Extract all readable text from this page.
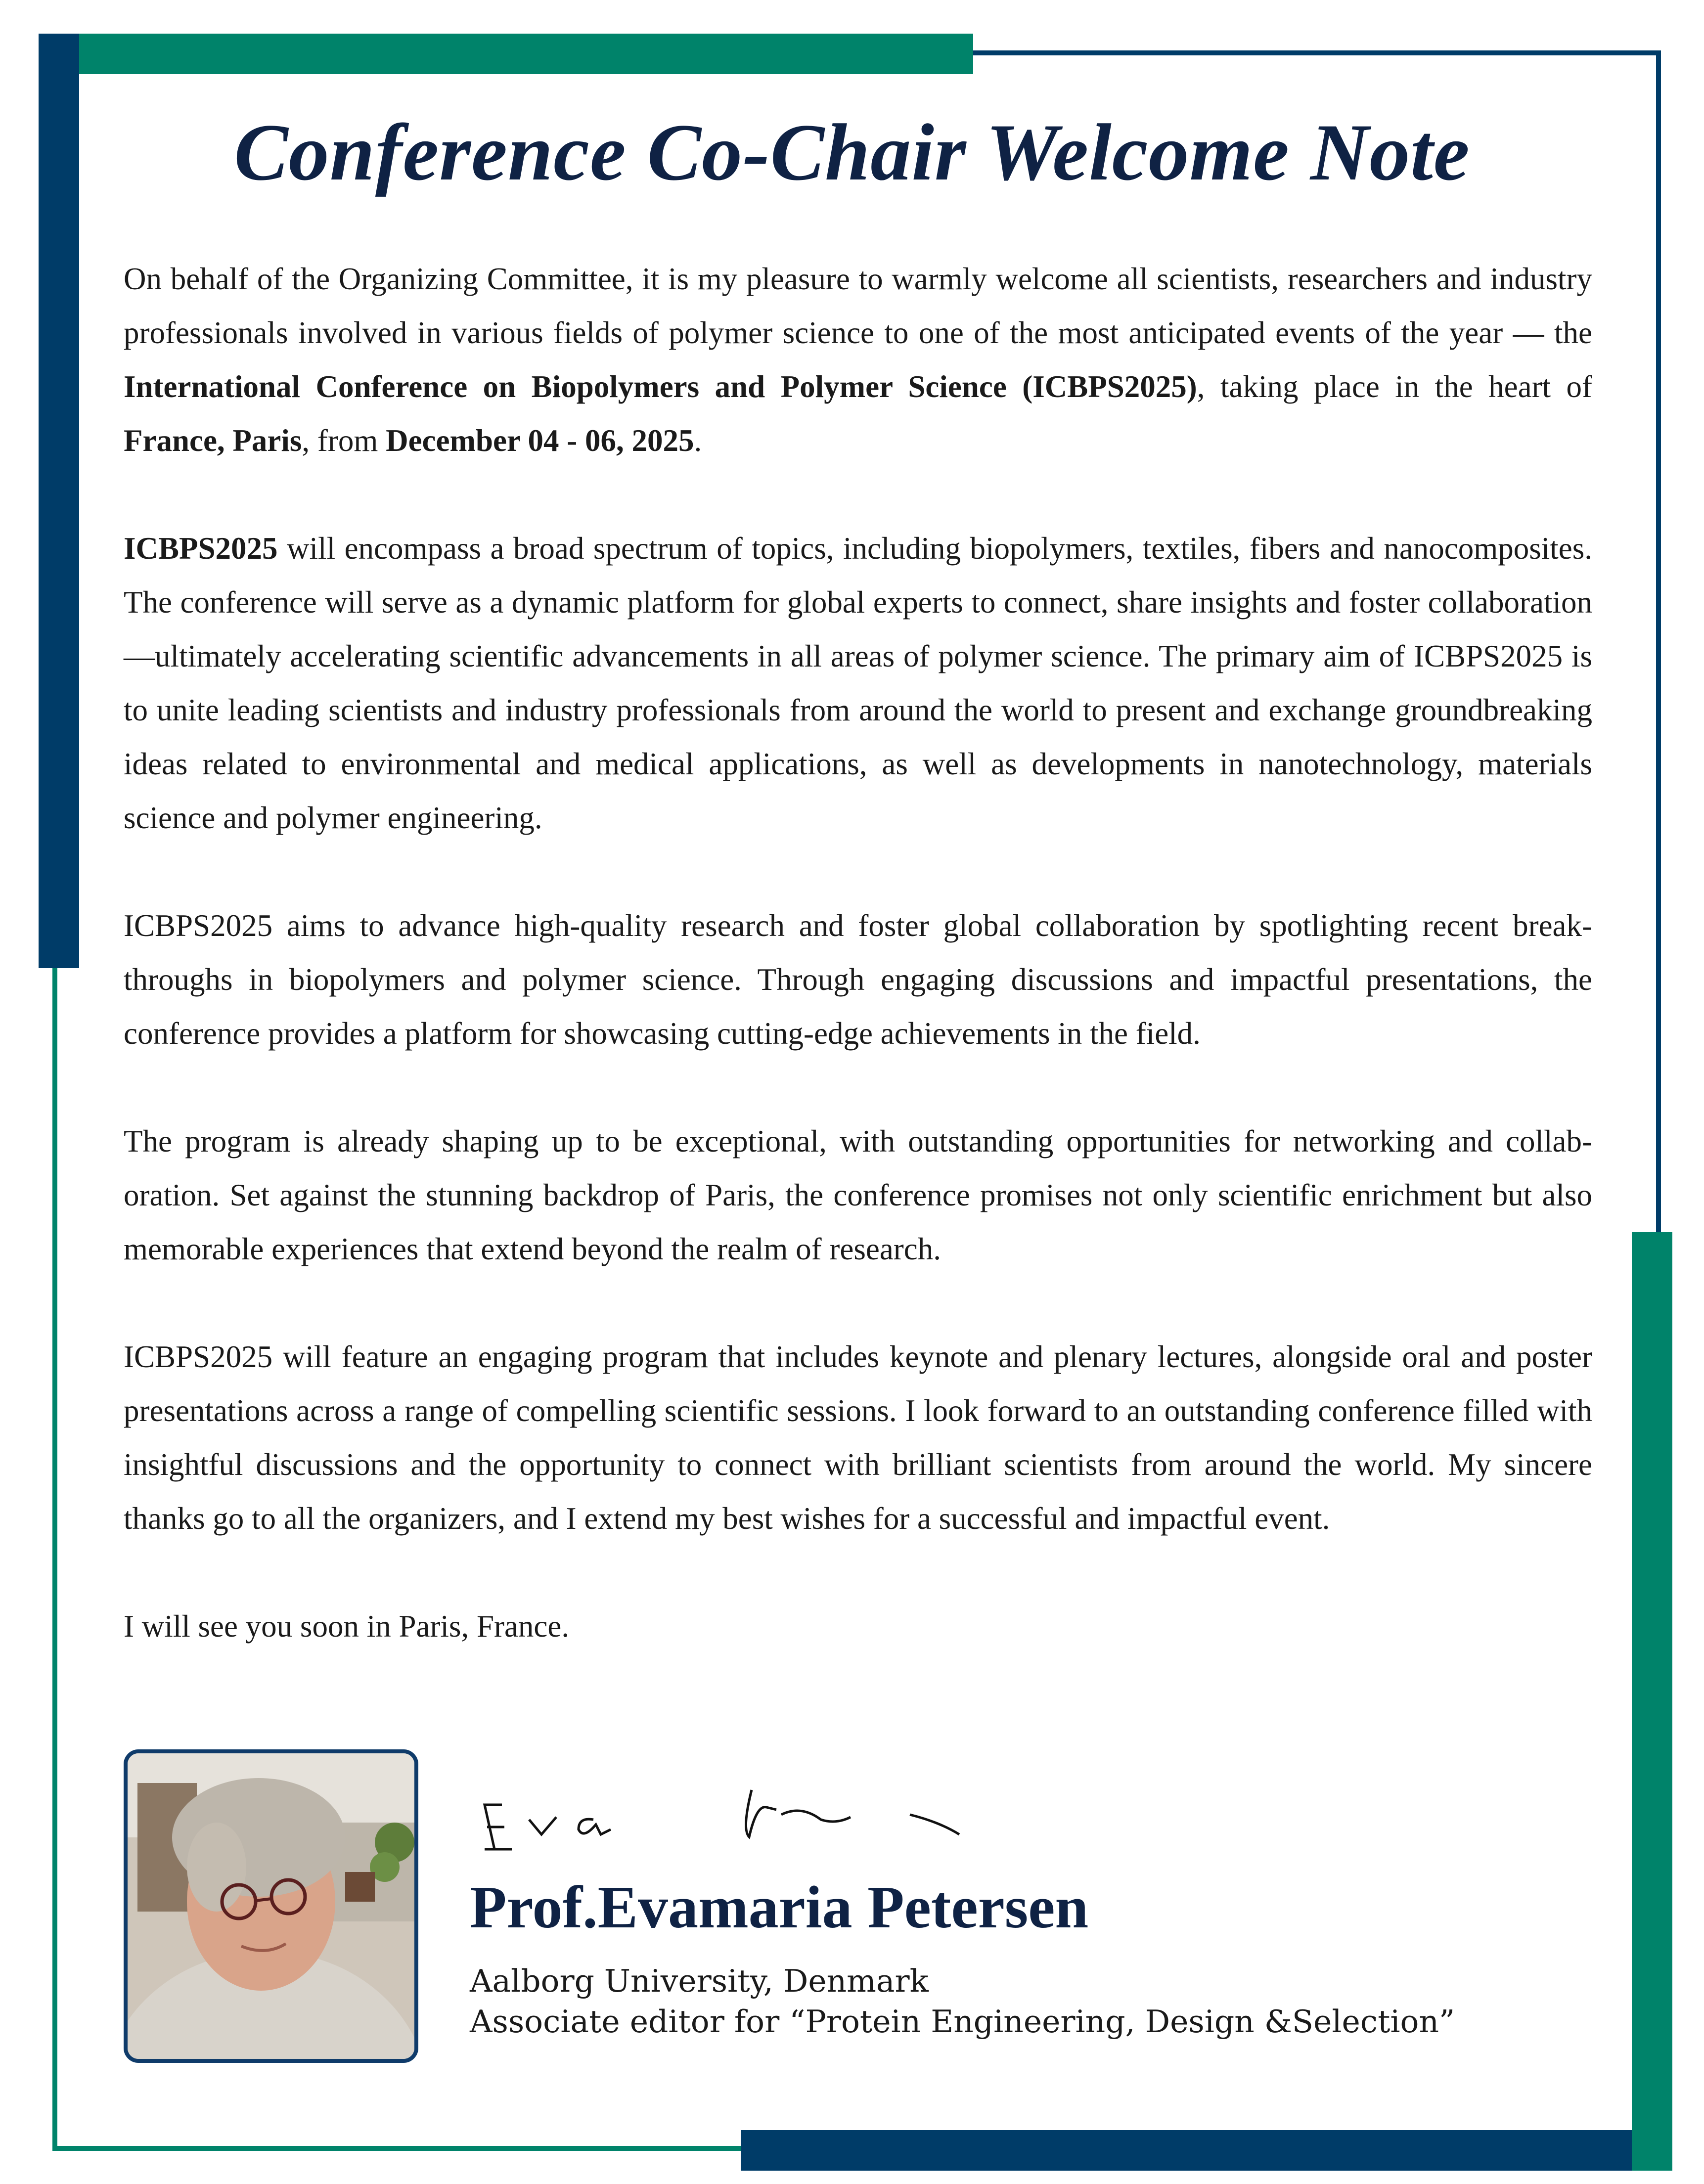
Conference Co-Chair Welcome Note

On behalf of the Organizing Committee, it is my pleasure to warmly welcome all scientists, researchers and industry professionals involved in various fields of polymer science to one of the most anticipated events of the year — the International Conference on Biopolymers and Polymer Science (ICBPS2025), taking place in the heart of France, Paris, from December 04 - 06, 2025.

ICBPS2025 will encompass a broad spectrum of topics, including biopolymers, textiles, fibers and nanocomposites. The conference will serve as a dynamic platform for global experts to connect, share insights and foster collaboration—ultimately accelerating scientific advancements in all areas of polymer science. The primary aim of ICBPS2025 is to unite leading scientists and industry professionals from around the world to present and exchange groundbreaking ideas related to environmental and medical applications, as well as developments in nanotechnology, materials science and polymer engineering.

ICBPS2025 aims to advance high-quality research and foster global collaboration by spotlighting recent breakthroughs in biopolymers and polymer science. Through engaging discussions and impactful presentations, the conference provides a platform for showcasing cutting-edge achievements in the field.

The program is already shaping up to be exceptional, with outstanding opportunities for networking and collaboration. Set against the stunning backdrop of Paris, the conference promises not only scientific enrichment but also memorable experiences that extend beyond the realm of research.

ICBPS2025 will feature an engaging program that includes keynote and plenary lectures, alongside oral and poster presentations across a range of compelling scientific sessions. I look forward to an outstanding conference filled with insightful discussions and the opportunity to connect with brilliant scientists from around the world. My sincere thanks go to all the organizers, and I extend my best wishes for a successful and impactful event.

I will see you soon in Paris, France.

Prof.Evamaria Petersen
Aalborg University, Denmark
Associate editor for “Protein Engineering, Design &Selection”
